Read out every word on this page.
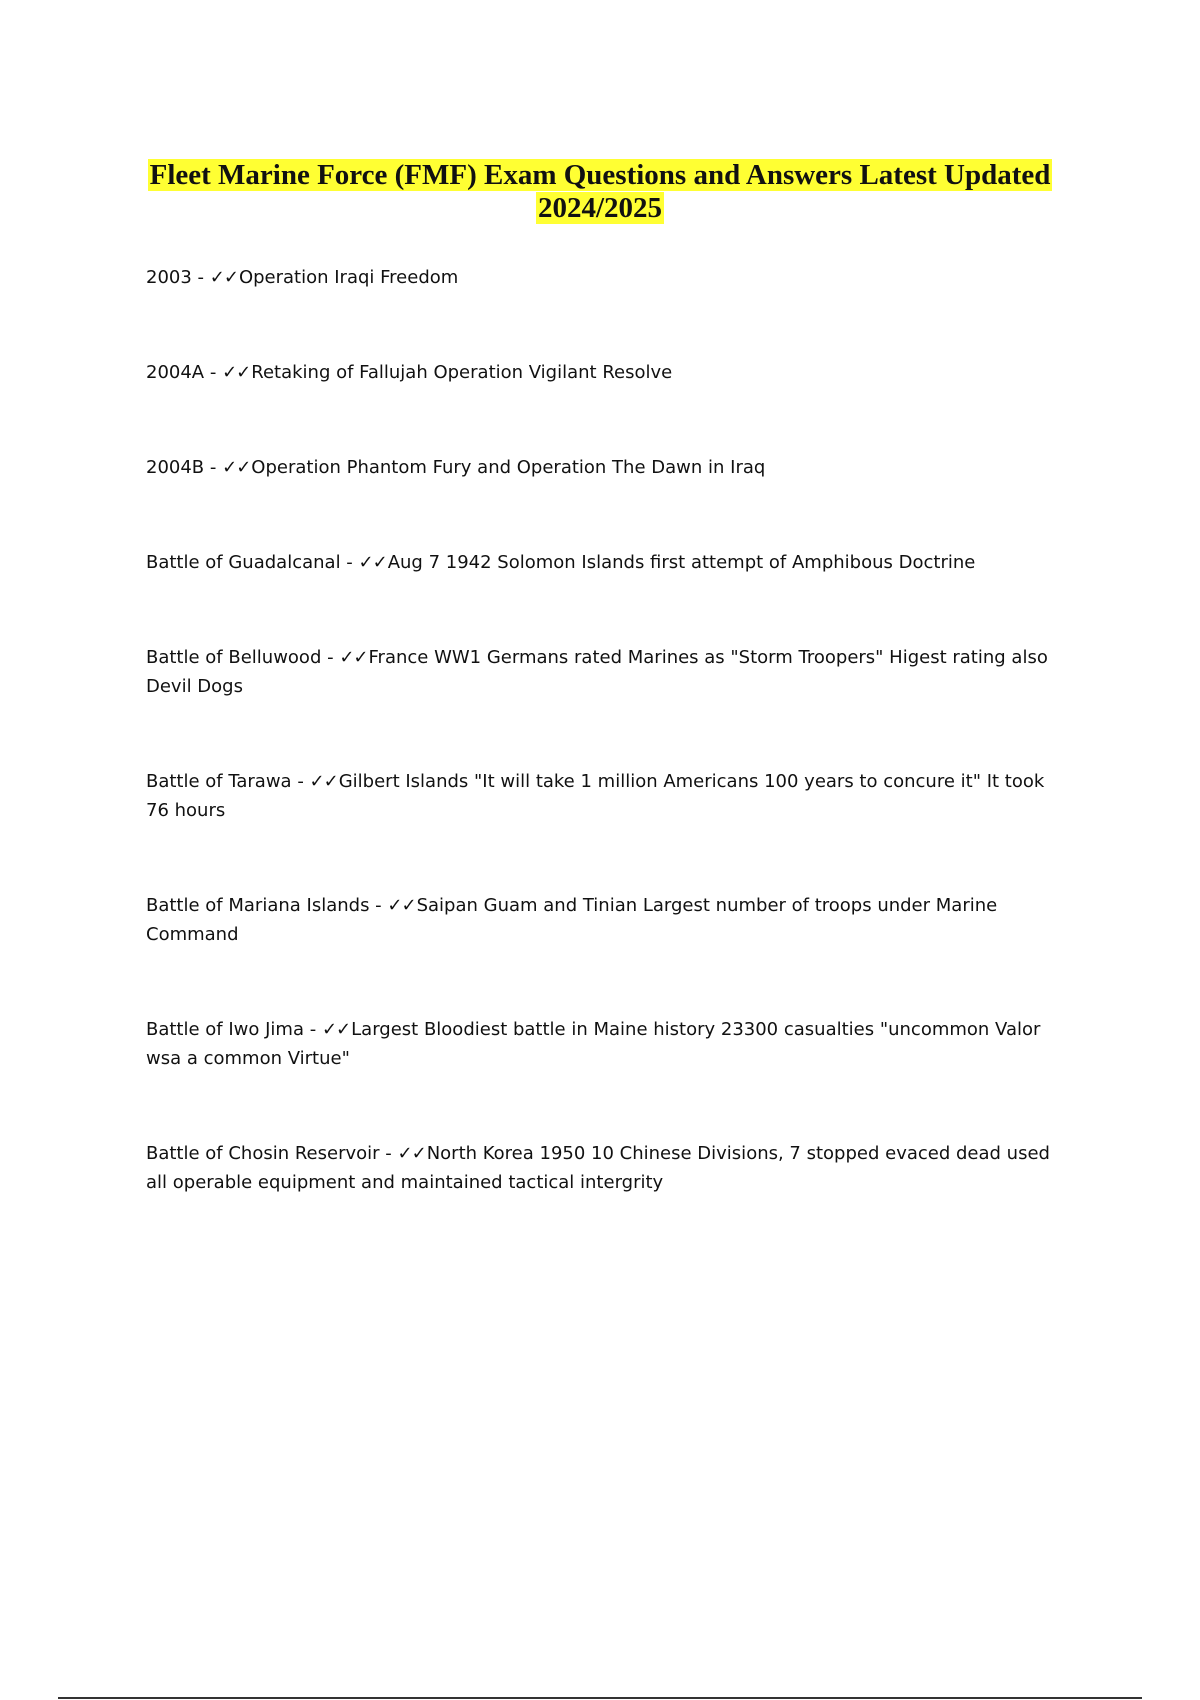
Fleet Marine Force (FMF) Exam Questions and Answers Latest Updated 2024/2025
2003 - ✓✓Operation Iraqi Freedom
2004A - ✓✓Retaking of Fallujah Operation Vigilant Resolve
2004B - ✓✓Operation Phantom Fury and Operation The Dawn in Iraq
Battle of Guadalcanal - ✓✓Aug 7 1942 Solomon Islands first attempt of Amphibous Doctrine
Battle of Belluwood - ✓✓France WW1 Germans rated Marines as "Storm Troopers" Higest rating also Devil Dogs
Battle of Tarawa - ✓✓Gilbert Islands "It will take 1 million Americans 100 years to concure it" It took 76 hours
Battle of Mariana Islands - ✓✓Saipan Guam and Tinian Largest number of troops under Marine Command
Battle of Iwo Jima - ✓✓Largest Bloodiest battle in Maine history 23300 casualties "uncommon Valor wsa a common Virtue"
Battle of Chosin Reservoir - ✓✓North Korea 1950 10 Chinese Divisions, 7 stopped evaced dead used all operable equipment and maintained tactical intergrity
